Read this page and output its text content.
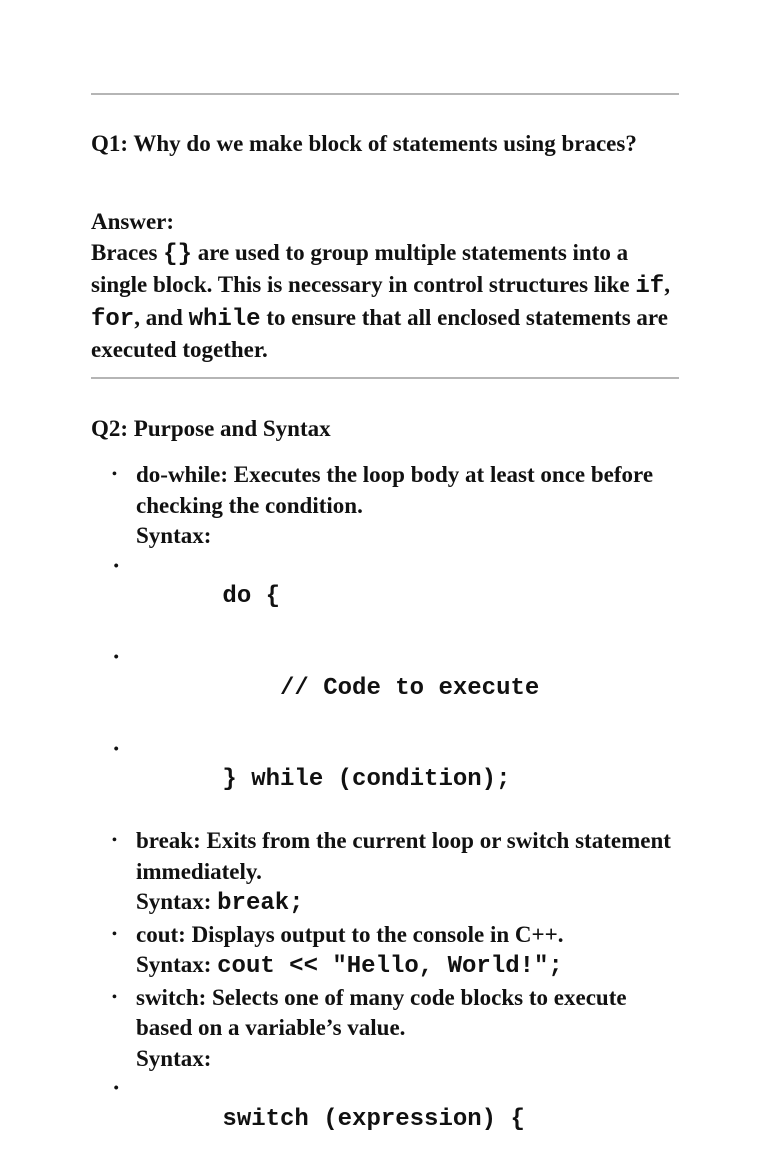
Q1: Why do we make block of statements using braces?

Answer:
Braces {} are used to group multiple statements into a single block. This is necessary in control structures like if, for, and while to ensure that all enclosed statements are executed together.

Q2: Purpose and Syntax

• do-while: Executes the loop body at least once before checking the condition.
Syntax:

•
do {

•
// Code to execute

•
} while (condition);

• break: Exits from the current loop or switch statement immediately.
Syntax: break;
• cout: Displays output to the console in C++.
Syntax: cout << "Hello, World!";
• switch: Selects one of many code blocks to execute based on a variable’s value.
Syntax:

•
switch (expression) {
